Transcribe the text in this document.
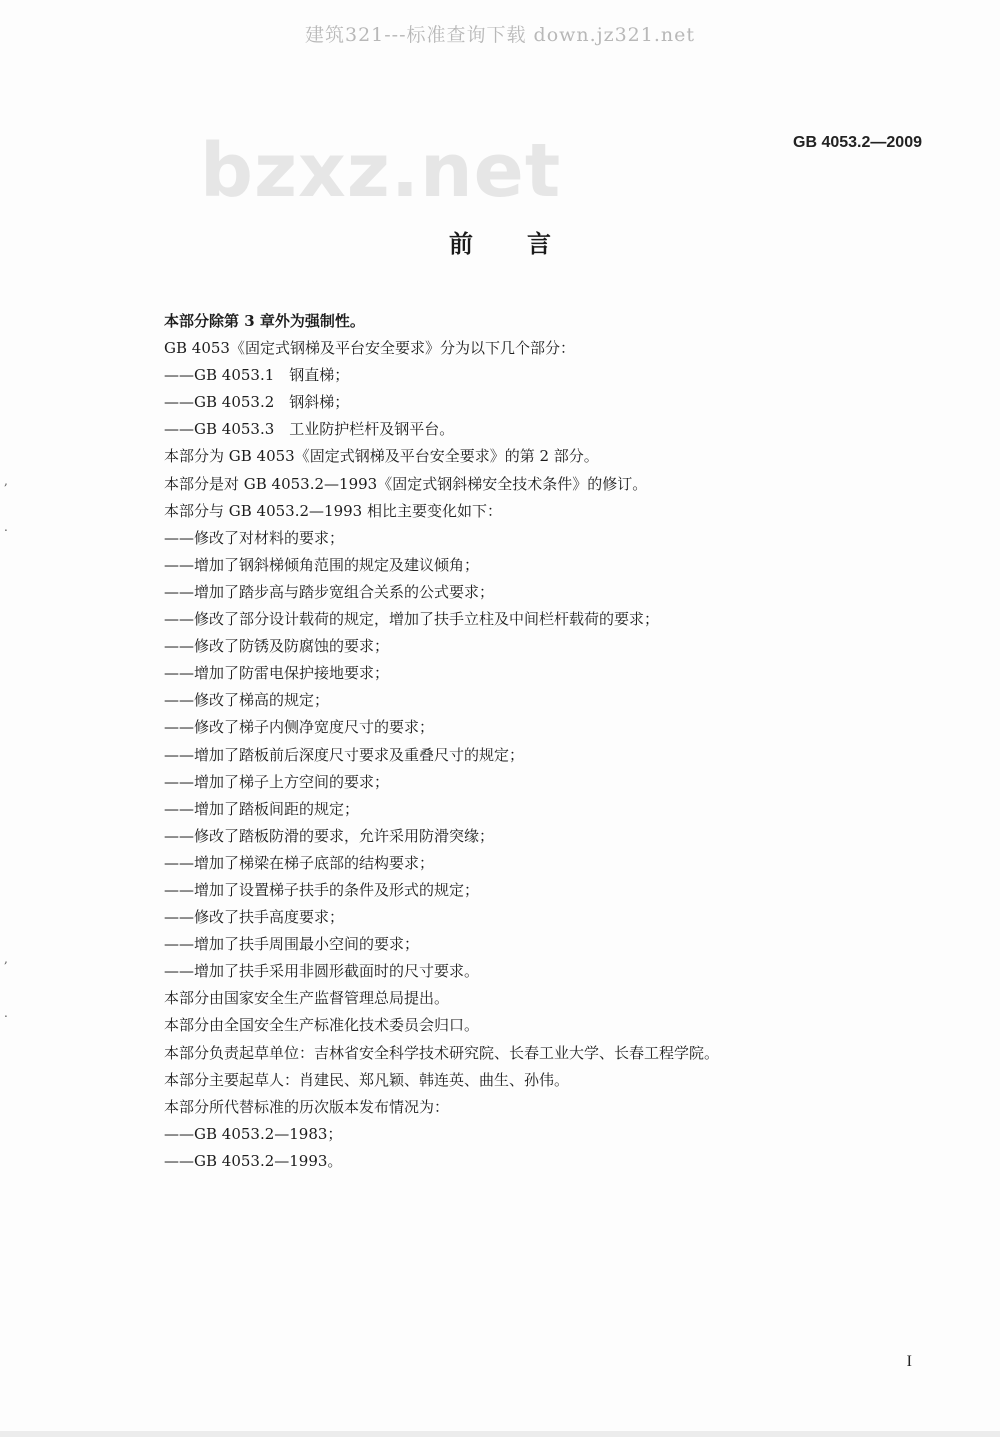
建筑321---标准查询下载 down.jz321.net
bzxz.net	GB 4053.2—2009
前言
本部分除第 3 章外为强制性。
GB 4053《固定式钢梯及平台安全要求》分为以下几个部分：
——GB 4053.1　钢直梯；
——GB 4053.2　钢斜梯；
——GB 4053.3　工业防护栏杆及钢平台。
本部分为 GB 4053《固定式钢梯及平台安全要求》的第 2 部分。
本部分是对 GB 4053.2—1993《固定式钢斜梯安全技术条件》的修订。
本部分与 GB 4053.2—1993 相比主要变化如下：
——修改了对材料的要求；
——增加了钢斜梯倾角范围的规定及建议倾角；
——增加了踏步高与踏步宽组合关系的公式要求；
——修改了部分设计载荷的规定，增加了扶手立柱及中间栏杆载荷的要求；
——修改了防锈及防腐蚀的要求；
——增加了防雷电保护接地要求；
——修改了梯高的规定；
——修改了梯子内侧净宽度尺寸的要求；
——增加了踏板前后深度尺寸要求及重叠尺寸的规定；
——增加了梯子上方空间的要求；
——增加了踏板间距的规定；
——修改了踏板防滑的要求，允许采用防滑突缘；
——增加了梯梁在梯子底部的结构要求；
——增加了设置梯子扶手的条件及形式的规定；
——修改了扶手高度要求；
——增加了扶手周围最小空间的要求；
——增加了扶手采用非圆形截面时的尺寸要求。
本部分由国家安全生产监督管理总局提出。
本部分由全国安全生产标准化技术委员会归口。
本部分负责起草单位：吉林省安全科学技术研究院、长春工业大学、长春工程学院。
本部分主要起草人：肖建民、郑凡颖、韩连英、曲生、孙伟。
本部分所代替标准的历次版本发布情况为：
——GB 4053.2—1983；
——GB 4053.2—1993。
,
.
,
.
I
